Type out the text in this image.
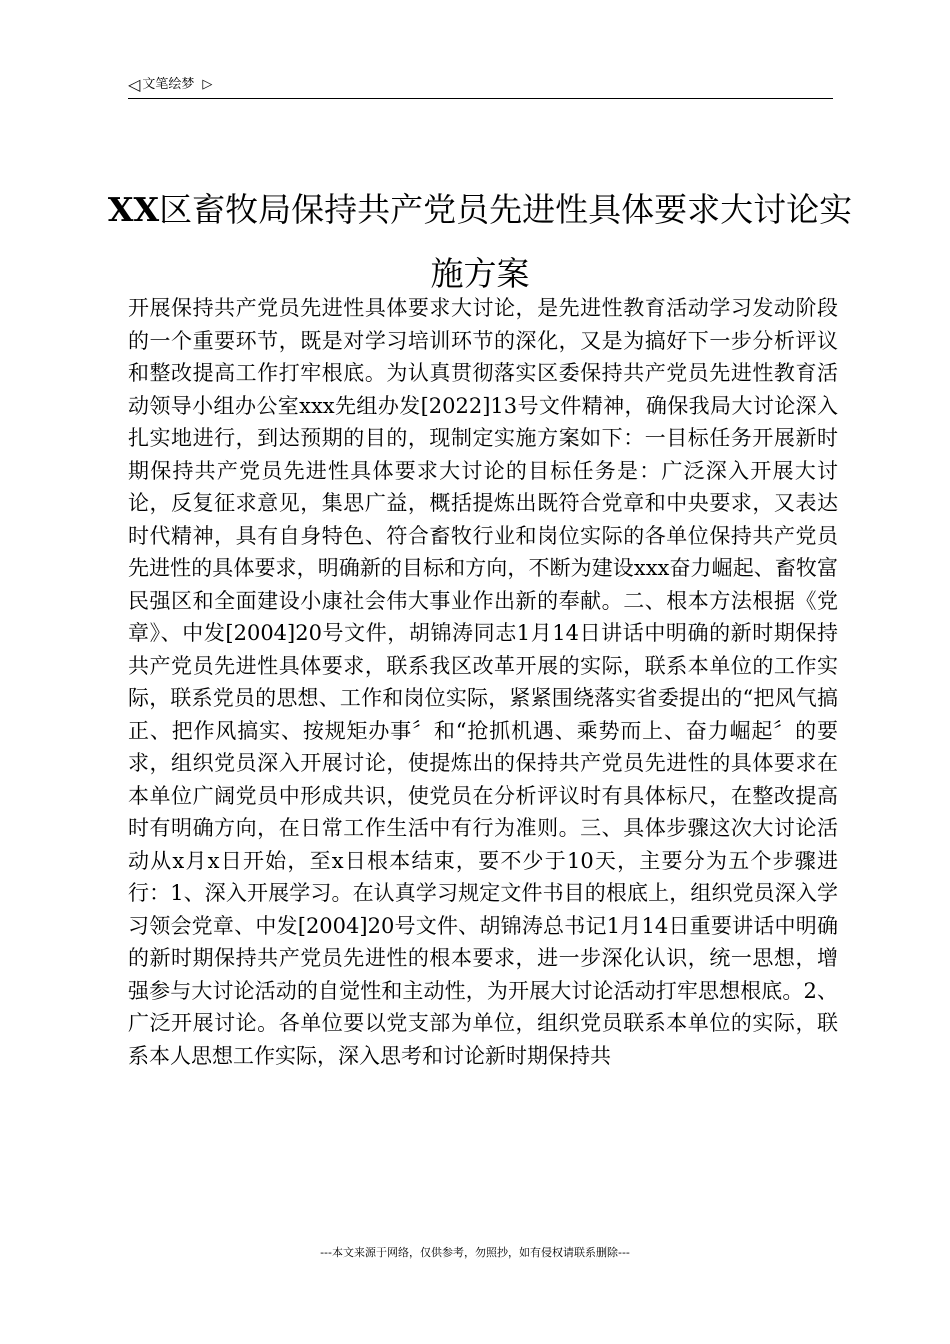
◁ 文笔绘梦 ▷
XX区畜牧局保持共产党员先进性具体要求大讨论实施方案

开展保持共产党员先进性具体要求大讨论，是先进性教育活动学习发动阶段的一个重要环节，既是对学习培训环节的深化，又是为搞好下一步分析评议和整改提高工作打牢根底。为认真贯彻落实区委保持共产党员先进性教育活动领导小组办公室xxx先组办发[2022]13号文件精神，确保我局大讨论深入扎实地进行，到达预期的目的，现制定实施方案如下：一目标任务开展新时期保持共产党员先进性具体要求大讨论的目标任务是：广泛深入开展大讨论，反复征求意见，集思广益，概括提炼出既符合党章和中央要求，又表达时代精神，具有自身特色、符合畜牧行业和岗位实际的各单位保持共产党员先进性的具体要求，明确新的目标和方向，不断为建设xxx奋力崛起、畜牧富民强区和全面建设小康社会伟大事业作出新的奉献。二、根本方法根据《党章》、中发[2004]20号文件，胡锦涛同志1月14日讲话中明确的新时期保持共产党员先进性具体要求，联系我区改革开展的实际，联系本单位的工作实际，联系党员的思想、工作和岗位实际，紧紧围绕落实省委提出的“把风气搞正、把作风搞实、按规矩办事〞和“抢抓机遇、乘势而上、奋力崛起〞的要求，组织党员深入开展讨论，使提炼出的保持共产党员先进性的具体要求在本单位广阔党员中形成共识，使党员在分析评议时有具体标尺，在整改提高时有明确方向，在日常工作生活中有行为准则。三、具体步骤这次大讨论活动从x月x日开始，至x日根本结束，要不少于10天，主要分为五个步骤进行：1、深入开展学习。在认真学习规定文件书目的根底上，组织党员深入学习领会党章、中发[2004]20号文件、胡锦涛总书记1月14日重要讲话中明确的新时期保持共产党员先进性的根本要求，进一步深化认识，统一思想，增强参与大讨论活动的自觉性和主动性，为开展大讨论活动打牢思想根底。2、广泛开展讨论。各单位要以党支部为单位，组织党员联系本单位的实际，联系本人思想工作实际，深入思考和讨论新时期保持共

---本文来源于网络，仅供参考，勿照抄，如有侵权请联系删除---
